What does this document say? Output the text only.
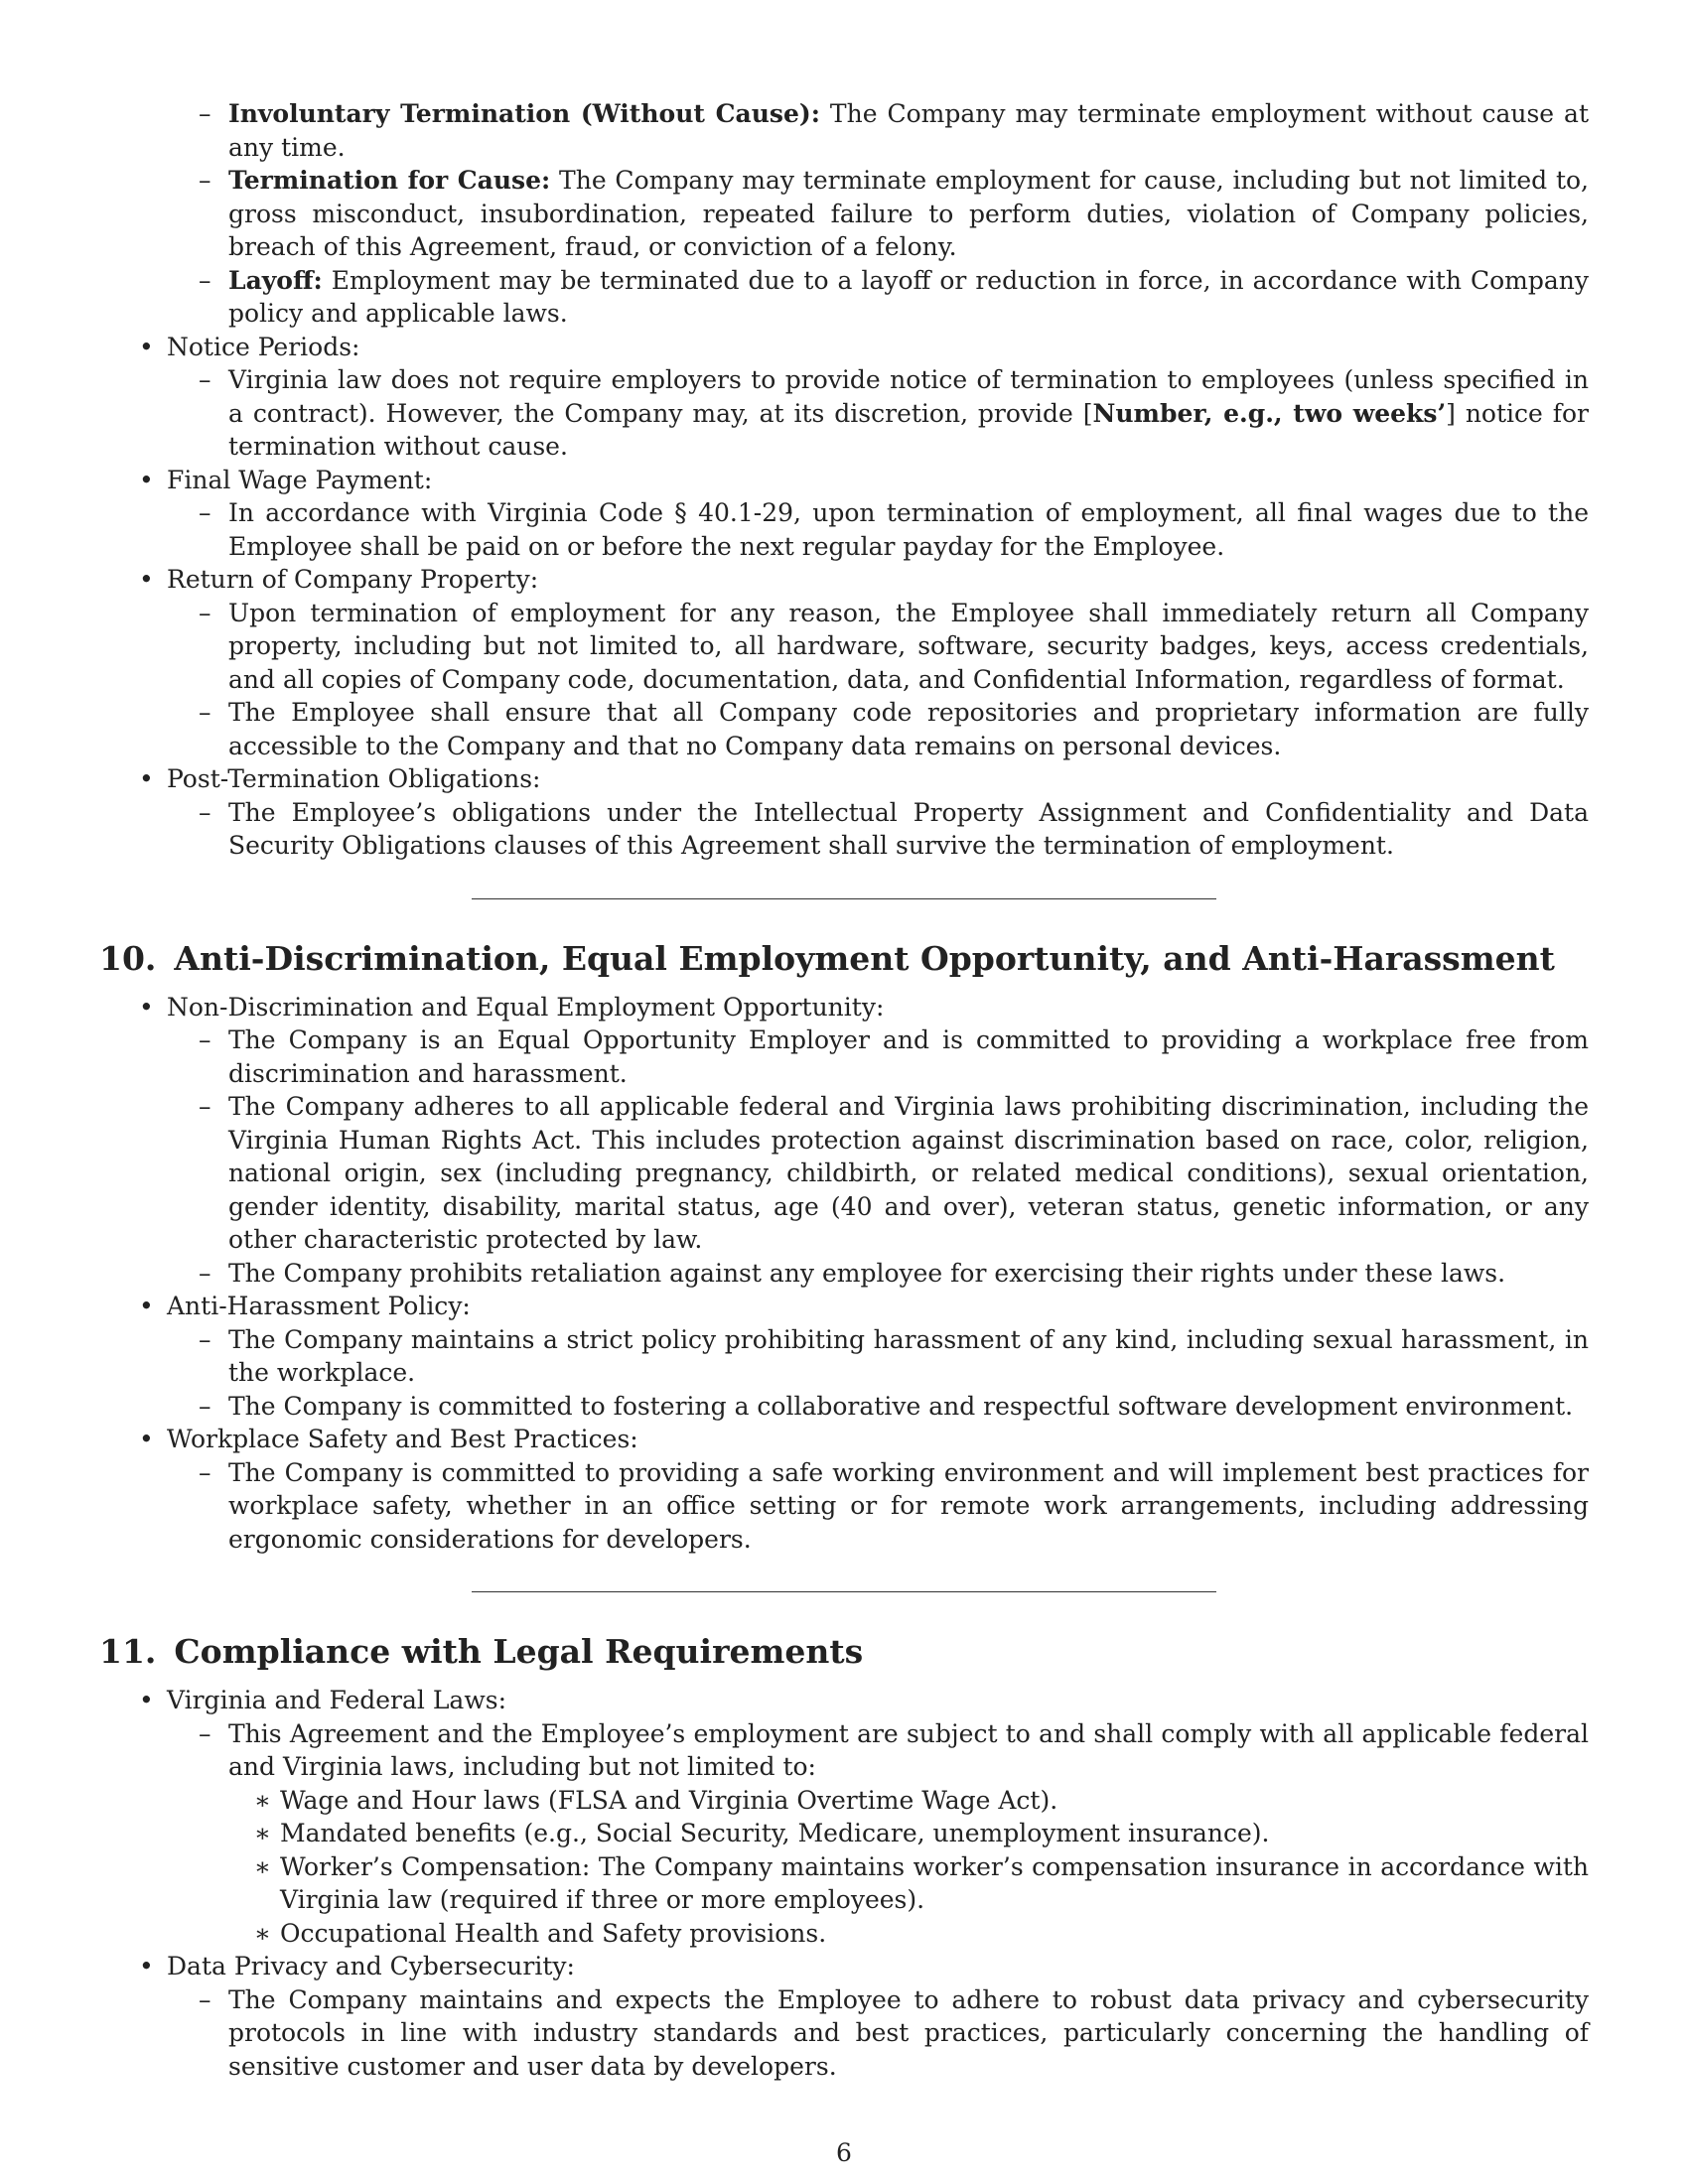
– Involuntary Termination (Without Cause): The Company may terminate employment without cause at any time.
– Termination for Cause: The Company may terminate employment for cause, including but not limited to, gross misconduct, insubordination, repeated failure to perform duties, violation of Company policies, breach of this Agreement, fraud, or conviction of a felony.
– Layoff: Employment may be terminated due to a layoff or reduction in force, in accordance with Company policy and applicable laws.
• Notice Periods:
– Virginia law does not require employers to provide notice of termination to employees (unless specified in a contract). However, the Company may, at its discretion, provide [Number, e.g., two weeks’] notice for termination without cause.
• Final Wage Payment:
– In accordance with Virginia Code § 40.1-29, upon termination of employment, all final wages due to the Employee shall be paid on or before the next regular payday for the Employee.
• Return of Company Property:
– Upon termination of employment for any reason, the Employee shall immediately return all Company property, including but not limited to, all hardware, software, security badges, keys, access credentials, and all copies of Company code, documentation, data, and Confidential Information, regardless of format.
– The Employee shall ensure that all Company code repositories and proprietary information are fully accessible to the Company and that no Company data remains on personal devices.
• Post-Termination Obligations:
– The Employee’s obligations under the Intellectual Property Assignment and Confidentiality and Data Security Obligations clauses of this Agreement shall survive the termination of employment.
10. Anti-Discrimination, Equal Employment Opportunity, and Anti-Harassment
• Non-Discrimination and Equal Employment Opportunity:
– The Company is an Equal Opportunity Employer and is committed to providing a workplace free from discrimination and harassment.
– The Company adheres to all applicable federal and Virginia laws prohibiting discrimination, including the Virginia Human Rights Act. This includes protection against discrimination based on race, color, religion, national origin, sex (including pregnancy, childbirth, or related medical conditions), sexual orientation, gender identity, disability, marital status, age (40 and over), veteran status, genetic information, or any other characteristic protected by law.
– The Company prohibits retaliation against any employee for exercising their rights under these laws.
• Anti-Harassment Policy:
– The Company maintains a strict policy prohibiting harassment of any kind, including sexual harassment, in the workplace.
– The Company is committed to fostering a collaborative and respectful software development environment.
• Workplace Safety and Best Practices:
– The Company is committed to providing a safe working environment and will implement best practices for workplace safety, whether in an office setting or for remote work arrangements, including addressing ergonomic considerations for developers.
11. Compliance with Legal Requirements
• Virginia and Federal Laws:
– This Agreement and the Employee’s employment are subject to and shall comply with all applicable federal and Virginia laws, including but not limited to:
∗ Wage and Hour laws (FLSA and Virginia Overtime Wage Act).
∗ Mandated benefits (e.g., Social Security, Medicare, unemployment insurance).
∗ Worker’s Compensation: The Company maintains worker’s compensation insurance in accordance with Virginia law (required if three or more employees).
∗ Occupational Health and Safety provisions.
• Data Privacy and Cybersecurity:
– The Company maintains and expects the Employee to adhere to robust data privacy and cybersecurity protocols in line with industry standards and best practices, particularly concerning the handling of sensitive customer and user data by developers.
6
